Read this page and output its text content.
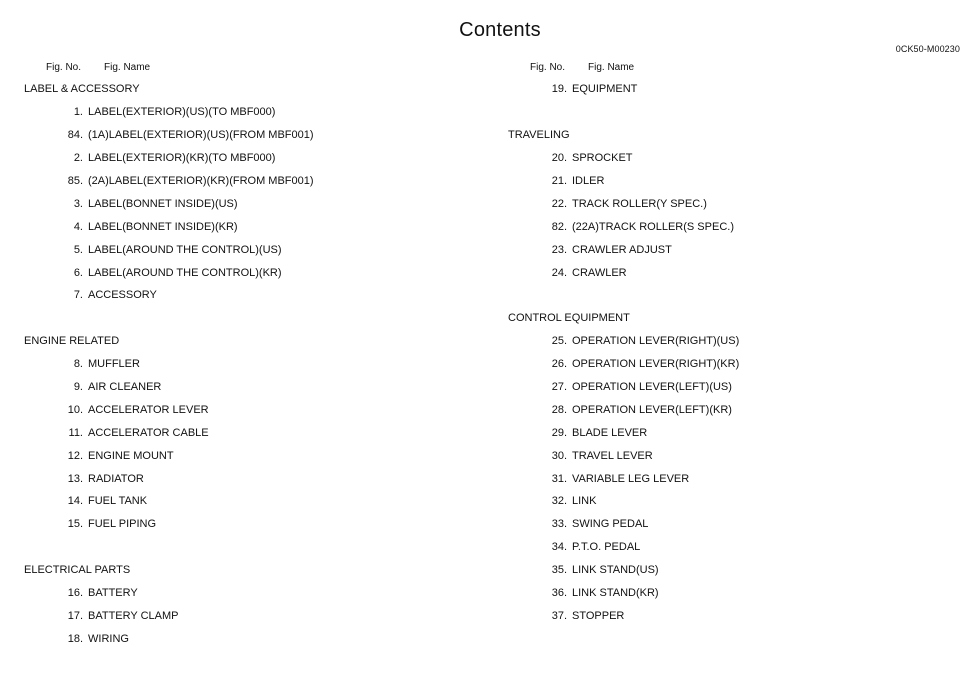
Contents
0CK50-M00230
Fig. No. Fig. Name
LABEL & ACCESSORY
1. LABEL(EXTERIOR)(US)(TO MBF000)
84. (1A)LABEL(EXTERIOR)(US)(FROM MBF001)
2. LABEL(EXTERIOR)(KR)(TO MBF000)
85. (2A)LABEL(EXTERIOR)(KR)(FROM MBF001)
3. LABEL(BONNET INSIDE)(US)
4. LABEL(BONNET INSIDE)(KR)
5. LABEL(AROUND THE CONTROL)(US)
6. LABEL(AROUND THE CONTROL)(KR)
7. ACCESSORY
ENGINE RELATED
8. MUFFLER
9. AIR CLEANER
10. ACCELERATOR LEVER
11. ACCELERATOR CABLE
12. ENGINE MOUNT
13. RADIATOR
14. FUEL TANK
15. FUEL PIPING
ELECTRICAL PARTS
16. BATTERY
17. BATTERY CLAMP
18. WIRING
Fig. No. Fig. Name
19. EQUIPMENT
TRAVELING
20. SPROCKET
21. IDLER
22. TRACK ROLLER(Y SPEC.)
82. (22A)TRACK ROLLER(S SPEC.)
23. CRAWLER ADJUST
24. CRAWLER
CONTROL EQUIPMENT
25. OPERATION LEVER(RIGHT)(US)
26. OPERATION LEVER(RIGHT)(KR)
27. OPERATION LEVER(LEFT)(US)
28. OPERATION LEVER(LEFT)(KR)
29. BLADE LEVER
30. TRAVEL LEVER
31. VARIABLE LEG LEVER
32. LINK
33. SWING PEDAL
34. P.T.O. PEDAL
35. LINK STAND(US)
36. LINK STAND(KR)
37. STOPPER
